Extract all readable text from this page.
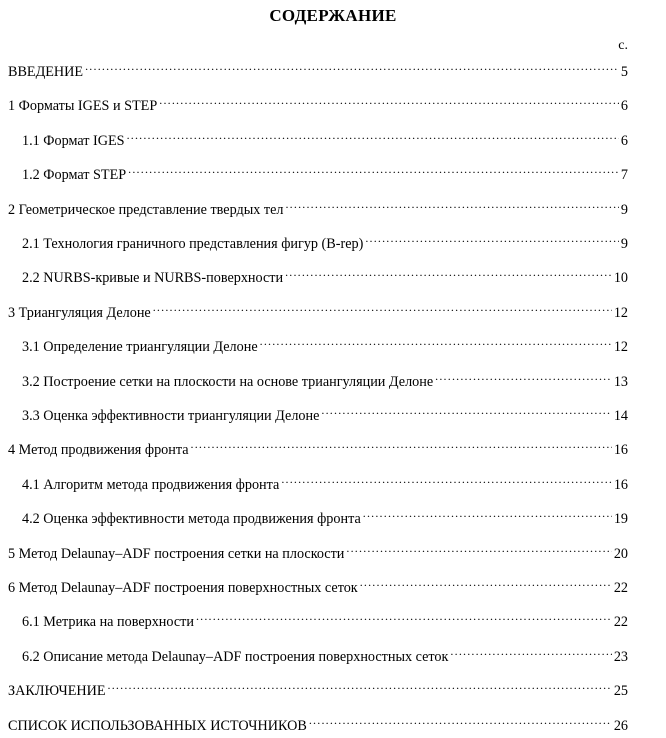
СОДЕРЖАНИЕ
с.
ВВЕДЕНИЕ .....	5
1 Форматы IGES и STEP .....	6
1.1 Формат IGES .....	6
1.2 Формат STEP .....	7
2 Геометрическое представление твердых тел .....	9
2.1 Технология граничного представления фигур (B-rep) .....	9
2.2 NURBS-кривые и NURBS-поверхности .....	10
3 Триангуляция Делоне .....	12
3.1 Определение триангуляции Делоне .....	12
3.2 Построение сетки на плоскости на основе триангуляции Делоне .....	13
3.3 Оценка эффективности триангуляции Делоне .....	14
4 Метод продвижения фронта .....	16
4.1 Алгоритм метода продвижения фронта .....	16
4.2 Оценка эффективности метода продвижения фронта .....	19
5 Метод Delaunay–ADF построения сетки на плоскости .....	20
6 Метод Delaunay–ADF построения поверхностных сеток .....	22
6.1 Метрика на поверхности .....	22
6.2 Описание метода Delaunay–ADF построения поверхностных сеток .....	23
ЗАКЛЮЧЕНИЕ .....	25
СПИСОК ИСПОЛЬЗОВАННЫХ ИСТОЧНИКОВ .....	26
